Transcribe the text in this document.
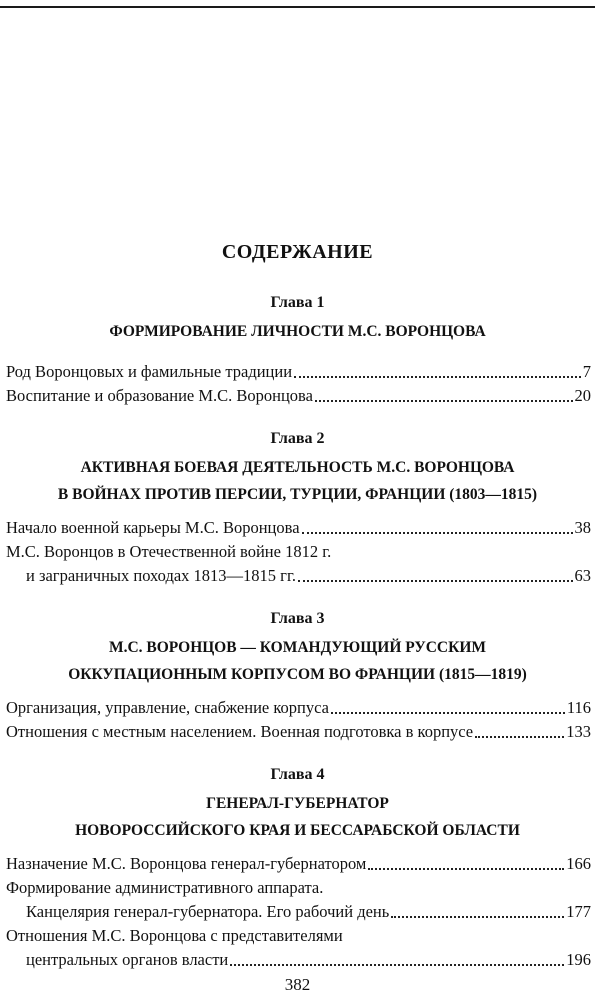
СОДЕРЖАНИЕ
Глава 1
ФОРМИРОВАНИЕ ЛИЧНОСТИ М.С. ВОРОНЦОВА
Род Воронцовых и фамильные традиции	7
Воспитание и образование М.С. Воронцова	20
Глава 2
АКТИВНАЯ БОЕВАЯ ДЕЯТЕЛЬНОСТЬ М.С. ВОРОНЦОВА
В ВОЙНАХ ПРОТИВ ПЕРСИИ, ТУРЦИИ, ФРАНЦИИ (1803—1815)
Начало военной карьеры М.С. Воронцова	38
М.С. Воронцов в Отечественной войне 1812 г.
и заграничных походах 1813—1815 гг.	63
Глава 3
М.С. ВОРОНЦОВ — КОМАНДУЮЩИЙ РУССКИМ
ОККУПАЦИОННЫМ КОРПУСОМ ВО ФРАНЦИИ (1815—1819)
Организация, управление, снабжение корпуса	116
Отношения с местным населением. Военная подготовка в корпусе	133
Глава 4
ГЕНЕРАЛ-ГУБЕРНАТОР
НОВОРОССИЙСКОГО КРАЯ И БЕССАРАБСКОЙ ОБЛАСТИ
Назначение М.С. Воронцова генерал-губернатором	166
Формирование административного аппарата.
Канцелярия генерал-губернатора. Его рабочий день	177
Отношения М.С. Воронцова с представителями
центральных органов власти	196
382
